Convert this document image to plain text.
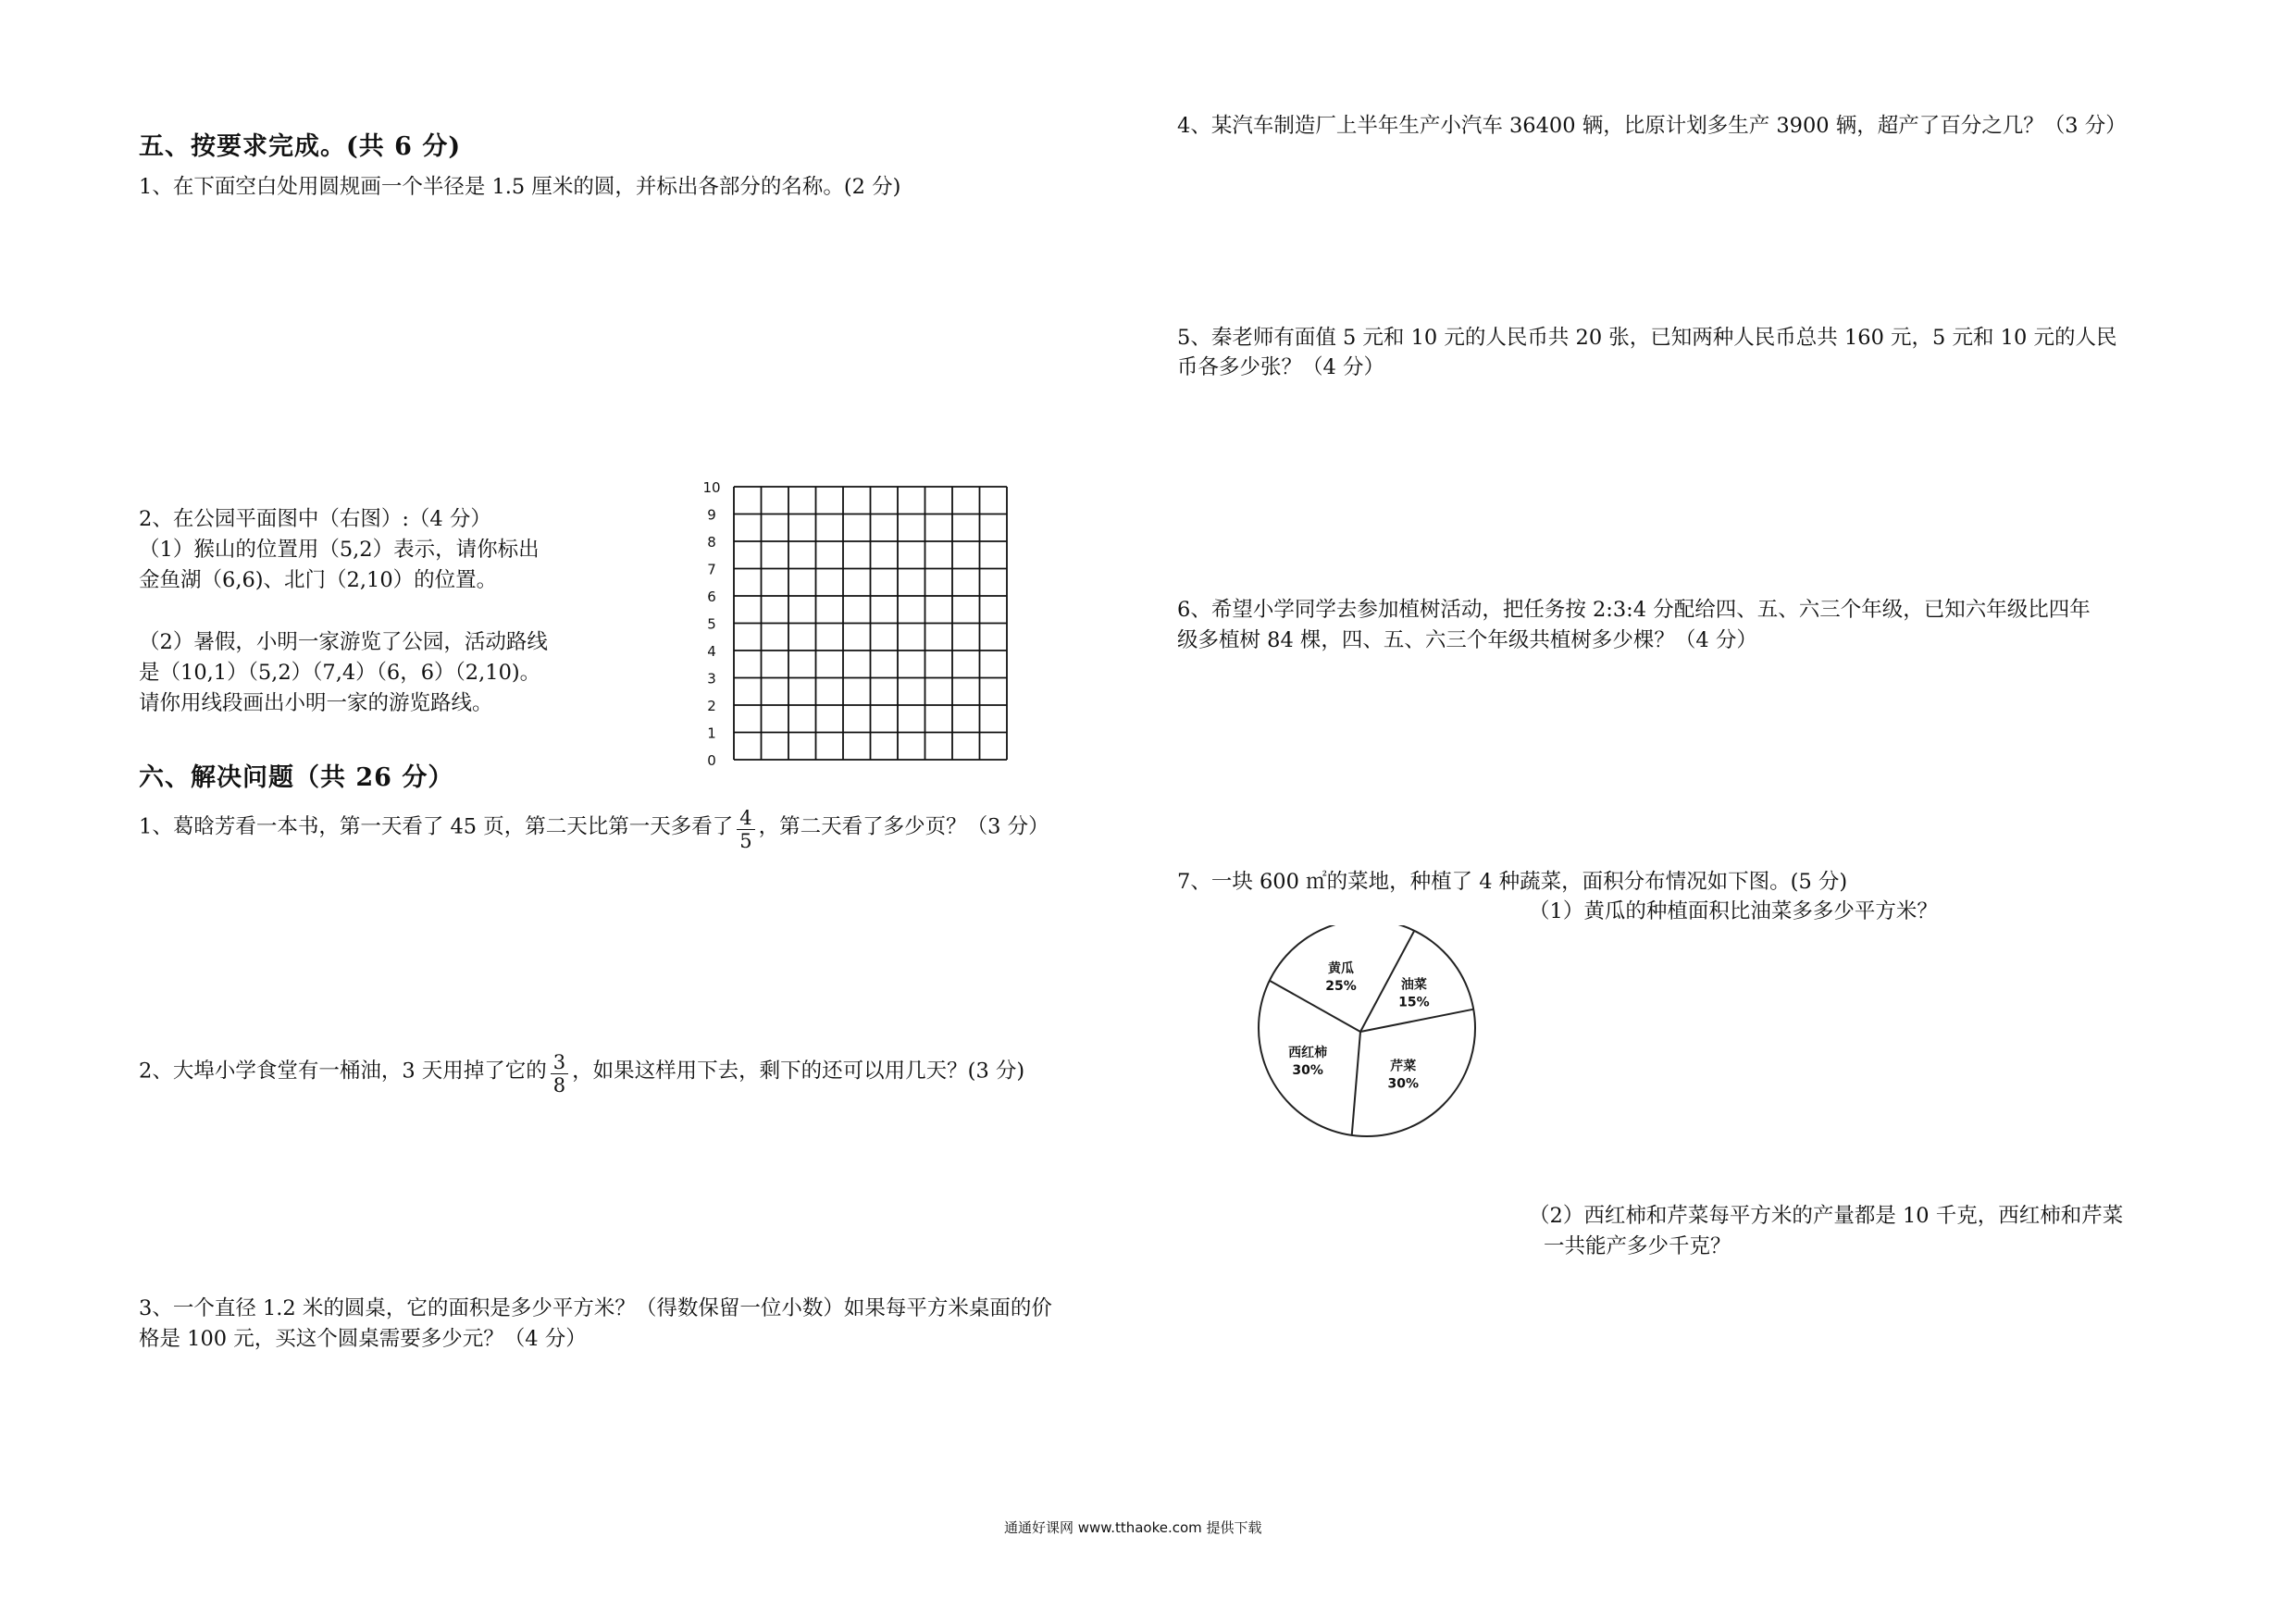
五、按要求完成。(共 6 分)
1、在下面空白处用圆规画一个半径是 1.5 厘米的圆，并标出各部分的名称。(2 分)
2、在公园平面图中（右图）:（4 分）
（1）猴山的位置用（5,2）表示，请你标出
金鱼湖（6,6)、北门（2,10）的位置。
（2）暑假，小明一家游览了公园，活动路线
是（10,1）（5,2）（7,4）（6，6）（2,10)。
请你用线段画出小明一家的游览路线。
10
9
8
7
6
5
4
3
2
1
0
六、解决问题（共 26 分）
1、葛晗芳看一本书，第一天看了 45 页，第二天比第一天多看了 $\frac{4}{5}$ ，第二天看了多少页？（3 分）
2、大埠小学食堂有一桶油，3 天用掉了它的 $\frac{3}{8}$ ，如果这样用下去，剩下的还可以用几天？(3 分)
3、一个直径 1.2 米的圆桌，它的面积是多少平方米？（得数保留一位小数）如果每平方米桌面的价
格是 100 元，买这个圆桌需要多少元？（4 分）
4、某汽车制造厂上半年生产小汽车 36400 辆，比原计划多生产 3900 辆，超产了百分之几？（3 分）
5、秦老师有面值 5 元和 10 元的人民币共 20 张，已知两种人民币总共 160 元，5 元和 10 元的人民
币各多少张？（4 分）
6、希望小学同学去参加植树活动，把任务按 2:3:4 分配给四、五、六三个年级，已知六年级比四年
级多植树 84 棵，四、五、六三个年级共植树多少棵？（4 分）
7、一块 600 ㎡的菜地，种植了 4 种蔬菜，面积分布情况如下图。(5 分)
（1）黄瓜的种植面积比油菜多多少平方米？
黄瓜
25%	油菜
15%
芹菜
30%
西红柿
30%
（2）西红柿和芹菜每平方米的产量都是 10 千克，西红柿和芹菜
一共能产多少千克？
通通好课网 www.tthaoke.com 提供下载
